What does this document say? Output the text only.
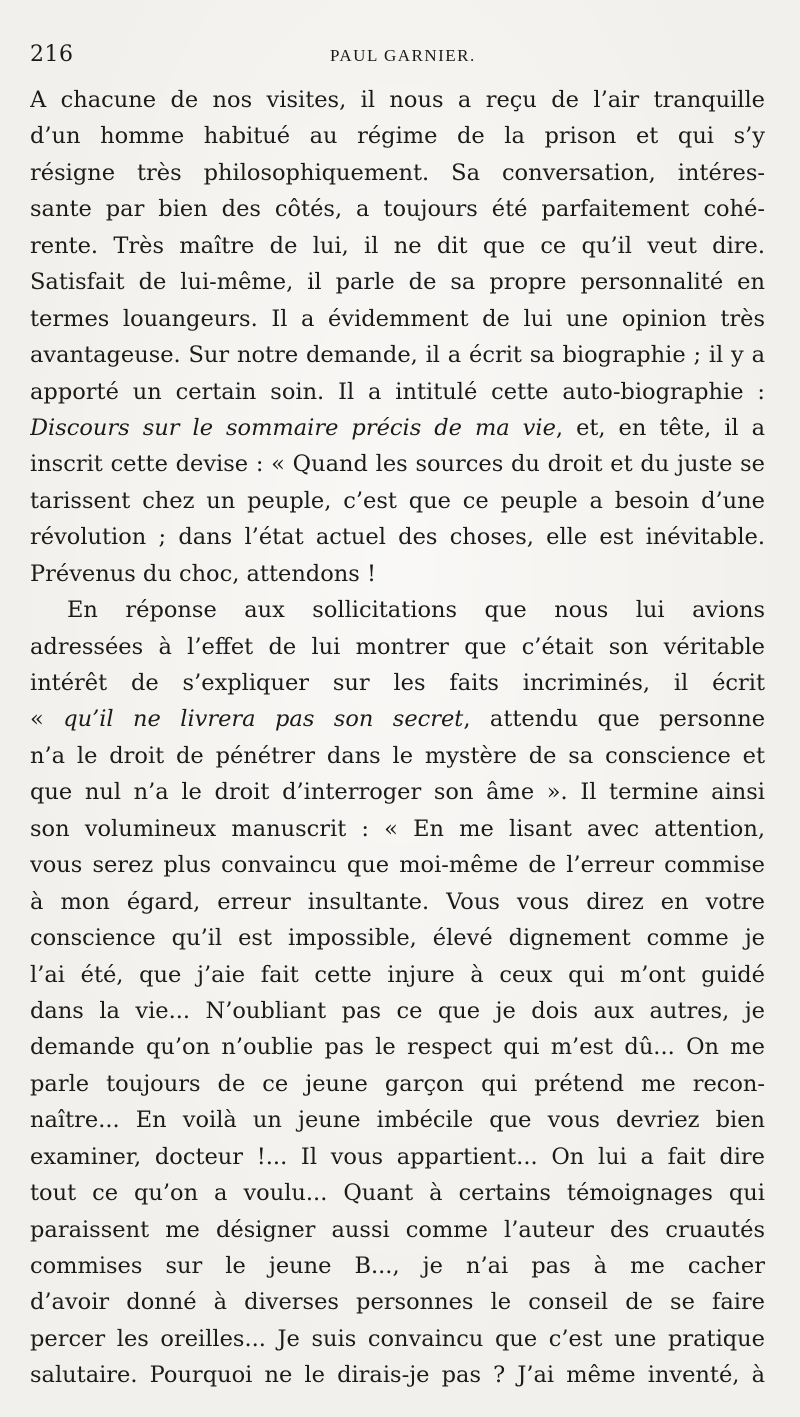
216	PAUL GARNIER.
A chacune de nos visites, il nous a reçu de l’air tranquille
d’un homme habitué au régime de la prison et qui s’y
résigne très philosophiquement. Sa conversation, intéres-
sante par bien des côtés, a toujours été parfaitement cohé-
rente. Très maître de lui, il ne dit que ce qu’il veut dire.
Satisfait de lui-même, il parle de sa propre personnalité en
termes louangeurs. Il a évidemment de lui une opinion très
avantageuse. Sur notre demande, il a écrit sa biographie ; il y a
apporté un certain soin. Il a intitulé cette auto-biographie :
Discours sur le sommaire précis de ma vie, et, en tête, il a
inscrit cette devise : « Quand les sources du droit et du juste se
tarissent chez un peuple, c’est que ce peuple a besoin d’une
révolution ; dans l’état actuel des choses, elle est inévitable.
Prévenus du choc, attendons !
En réponse aux sollicitations que nous lui avions
adressées à l’effet de lui montrer que c’était son véritable
intérêt de s’expliquer sur les faits incriminés, il écrit
« qu’il ne livrera pas son secret, attendu que personne
n’a le droit de pénétrer dans le mystère de sa conscience et
que nul n’a le droit d’interroger son âme ». Il termine ainsi
son volumineux manuscrit : « En me lisant avec attention,
vous serez plus convaincu que moi-même de l’erreur commise
à mon égard, erreur insultante. Vous vous direz en votre
conscience qu’il est impossible, élevé dignement comme je
l’ai été, que j’aie fait cette injure à ceux qui m’ont guidé
dans la vie... N’oubliant pas ce que je dois aux autres, je
demande qu’on n’oublie pas le respect qui m’est dû... On me
parle toujours de ce jeune garçon qui prétend me recon-
naître... En voilà un jeune imbécile que vous devriez bien
examiner, docteur !... Il vous appartient... On lui a fait dire
tout ce qu’on a voulu... Quant à certains témoignages qui
paraissent me désigner aussi comme l’auteur des cruautés
commises sur le jeune B..., je n’ai pas à me cacher
d’avoir donné à diverses personnes le conseil de se faire
percer les oreilles... Je suis convaincu que c’est une pratique
salutaire. Pourquoi ne le dirais-je pas ? J’ai même inventé, à
